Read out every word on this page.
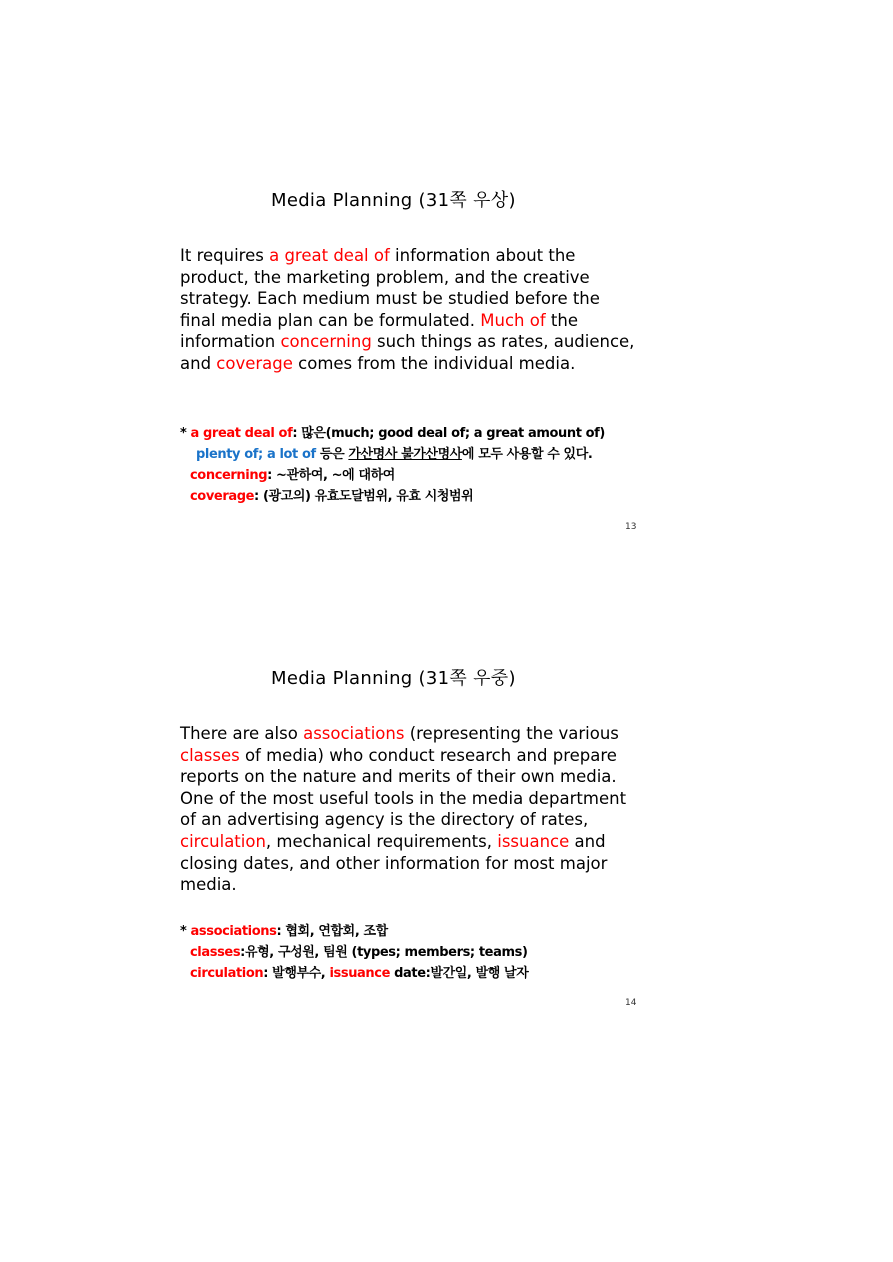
Media Planning (31쪽 우상)

It requires a great deal of information about the product, the marketing problem, and the creative strategy. Each medium must be studied before the final media plan can be formulated. Much of the information concerning such things as rates, audience, and coverage comes from the individual media.

* a great deal of: 많은(much; good deal of; a great amount of)
plenty of; a lot of 등은 가산명사 불가산명사에 모두 사용할 수 있다.
concerning: ~관하여, ~에 대하여
coverage: (광고의) 유효도달범위, 유효 시청범위
13
Media Planning (31쪽 우중)

There are also associations (representing the various classes of media) who conduct research and prepare reports on the nature and merits of their own media. One of the most useful tools in the media department of an advertising agency is the directory of rates, circulation, mechanical requirements, issuance and closing dates, and other information for most major media.

* associations: 협회, 연합회, 조합
classes:유형, 구성원, 팀원 (types; members; teams)
circulation: 발행부수, issuance date:발간일, 발행 날자
14
